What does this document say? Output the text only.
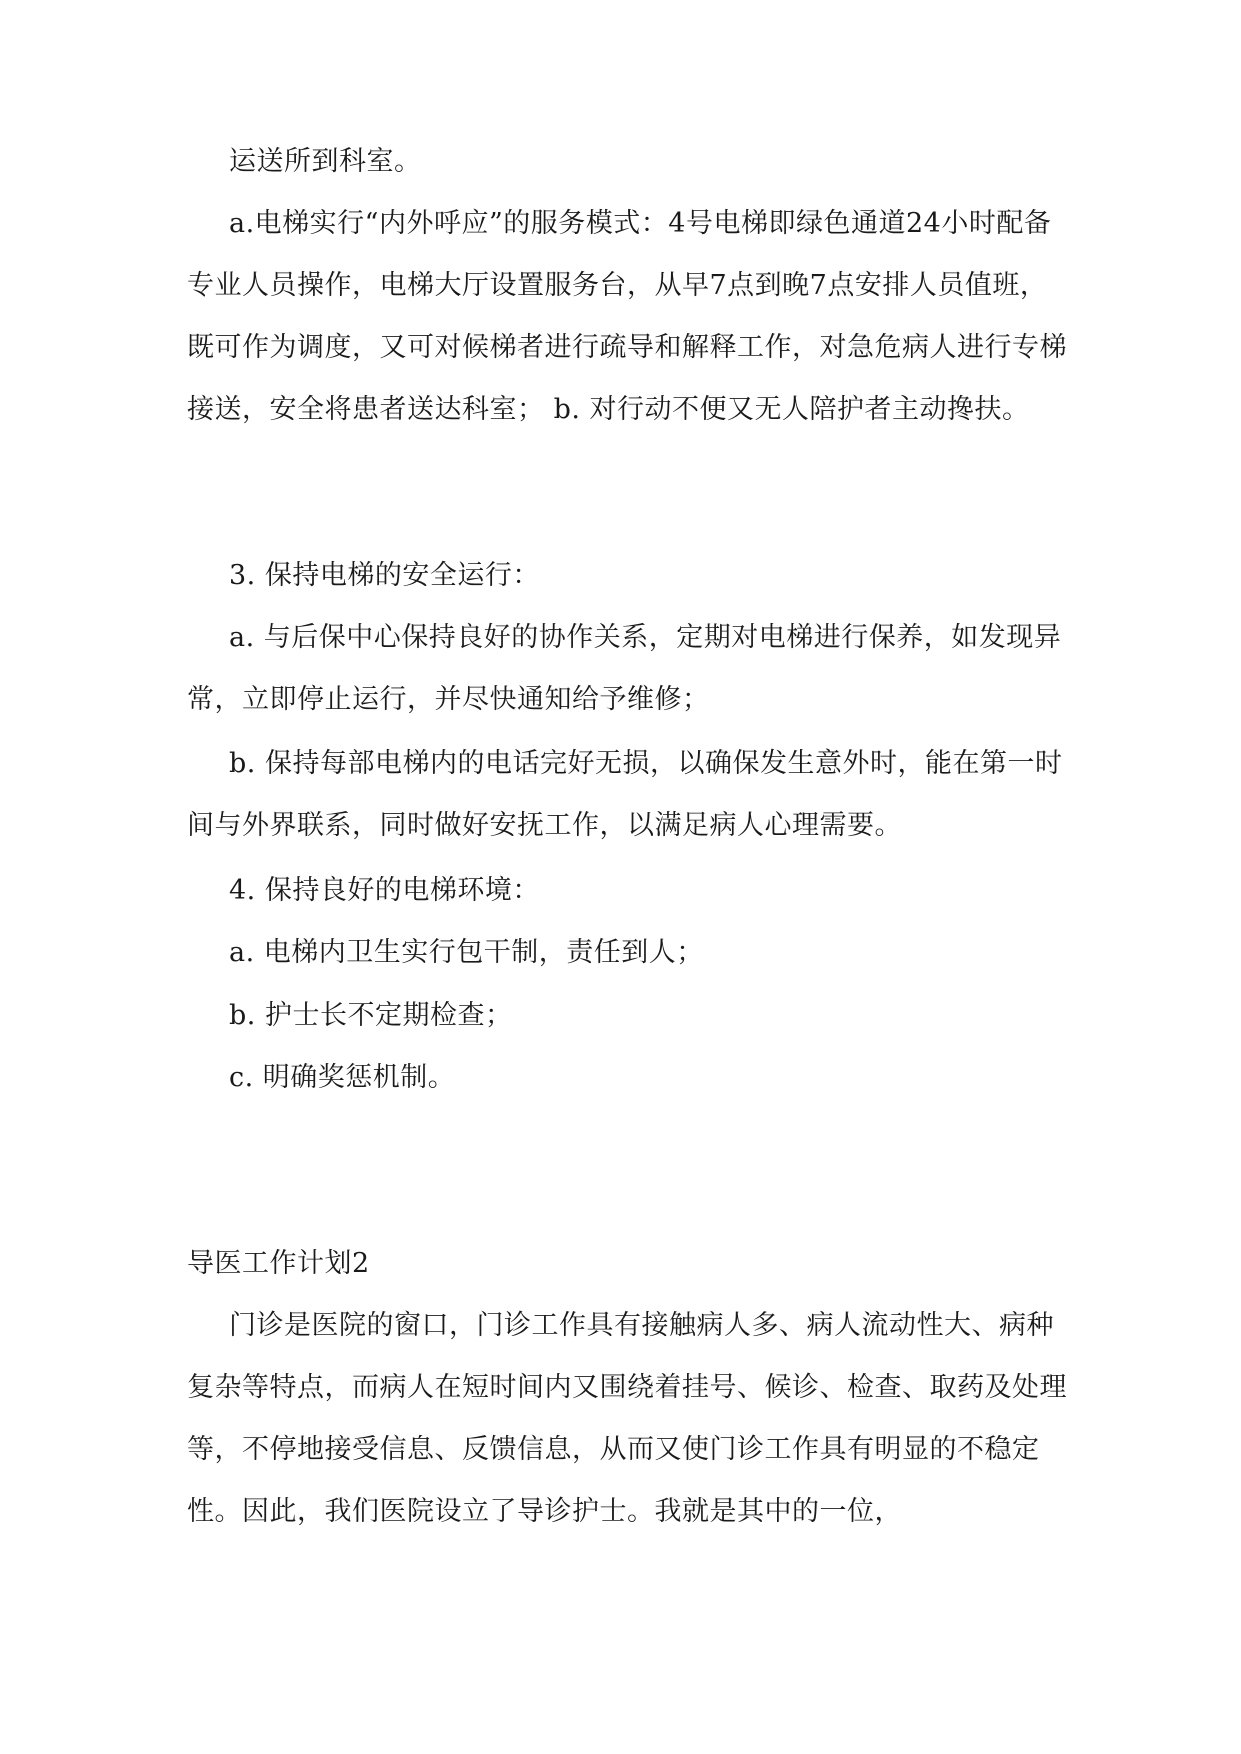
运送所到科室。

a.电梯实行“内外呼应”的服务模式：4号电梯即绿色通道24小时配备专业人员操作，电梯大厅设置服务台，从早7点到晚7点安排人员值班，既可作为调度，又可对候梯者进行疏导和解释工作，对急危病人进行专梯接送，安全将患者送达科室； b. 对行动不便又无人陪护者主动搀扶。

3. 保持电梯的安全运行：

a. 与后保中心保持良好的协作关系，定期对电梯进行保养，如发现异常，立即停止运行，并尽快通知给予维修；

b. 保持每部电梯内的电话完好无损，以确保发生意外时，能在第一时间与外界联系，同时做好安抚工作，以满足病人心理需要。

4. 保持良好的电梯环境：

a. 电梯内卫生实行包干制，责任到人；

b. 护士长不定期检查；

c. 明确奖惩机制。

导医工作计划2

门诊是医院的窗口，门诊工作具有接触病人多、病人流动性大、病种复杂等特点，而病人在短时间内又围绕着挂号、候诊、检查、取药及处理等，不停地接受信息、反馈信息，从而又使门诊工作具有明显的不稳定性。因此，我们医院设立了导诊护士。我就是其中的一位，
